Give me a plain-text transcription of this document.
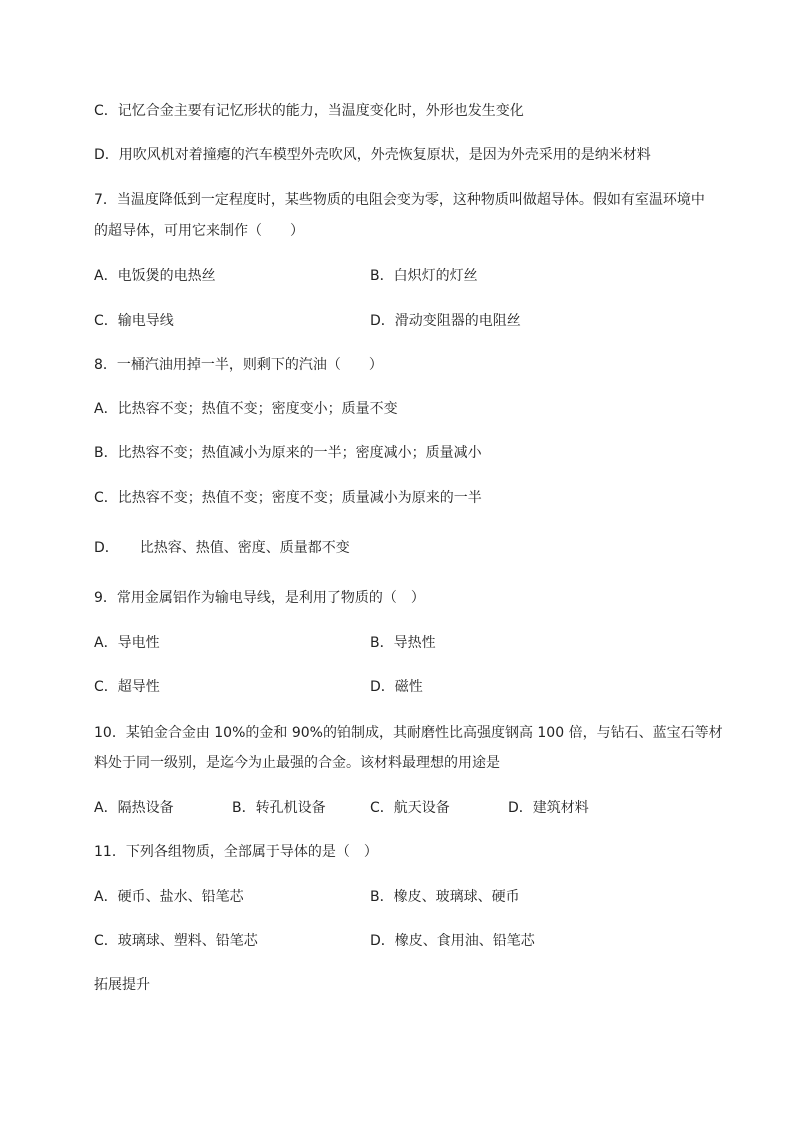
C．记忆合金主要有记忆形状的能力，当温度变化时，外形也发生变化
D．用吹风机对着撞瘪的汽车模型外壳吹风，外壳恢复原状，是因为外壳采用的是纳米材料
7．当温度降低到一定程度时，某些物质的电阻会变为零，这种物质叫做超导体。假如有室温环境中
的超导体，可用它来制作（　　）
A．电饭煲的电热丝	B．白炽灯的灯丝
C．输电导线	D．滑动变阻器的电阻丝
8．一桶汽油用掉一半，则剩下的汽油（　　）
A．比热容不变；热值不变；密度变小；质量不变
B．比热容不变；热值减小为原来的一半；密度减小；质量减小
C．比热容不变；热值不变；密度不变；质量减小为原来的一半
D．　　比热容、热值、密度、质量都不变
9．常用金属铝作为输电导线，是利用了物质的（　）
A．导电性	B．导热性
C．超导性	D．磁性
10．某铂金合金由 10%的金和 90%的铂制成，其耐磨性比高强度钢高 100 倍，与钻石、蓝宝石等材
料处于同一级别，是迄今为止最强的合金。该材料最理想的用途是
A．隔热设备	B．转孔机设备	C．航天设备	D．建筑材料
11．下列各组物质，全部属于导体的是（　）
A．硬币、盐水、铅笔芯	B．橡皮、玻璃球、硬币
C．玻璃球、塑料、铅笔芯	D．橡皮、食用油、铅笔芯
拓展提升
